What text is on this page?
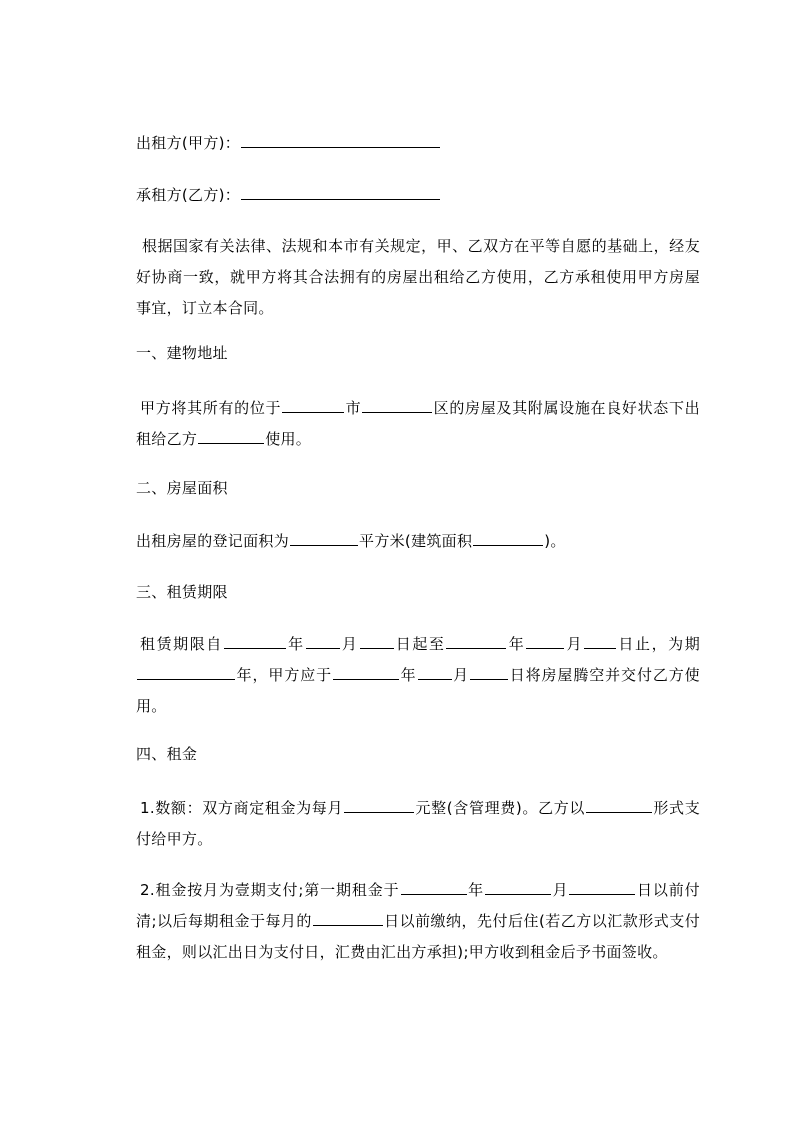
出租方(甲方)：
承租方(乙方)：
根据国家有关法律、法规和本市有关规定，甲、乙双方在平等自愿的基础上，经友好协商一致，就甲方将其合法拥有的房屋出租给乙方使用，乙方承租使用甲方房屋事宜，订立本合同。
一、建物地址
甲方将其所有的位于	市	区的房屋及其附属设施在良好状态下出租给乙方	使用。
二、房屋面积
出租房屋的登记面积为	平方米(建筑面积	)。
三、租赁期限
租赁期限自	年 月 日起至	年	月 日止，为期年，甲方应于	年 月	日将房屋腾空并交付乙方使用。
四、租金
1.数额：双方商定租金为每月	元整(含管理费)。乙方以	形式支付给甲方。
2.租金按月为壹期支付;第一期租金于	年	月	日以前付清;以后每期租金于每月的	日以前缴纳，先付后住(若乙方以汇款形式支付租金，则以汇出日为支付日，汇费由汇出方承担);甲方收到租金后予书面签收。
